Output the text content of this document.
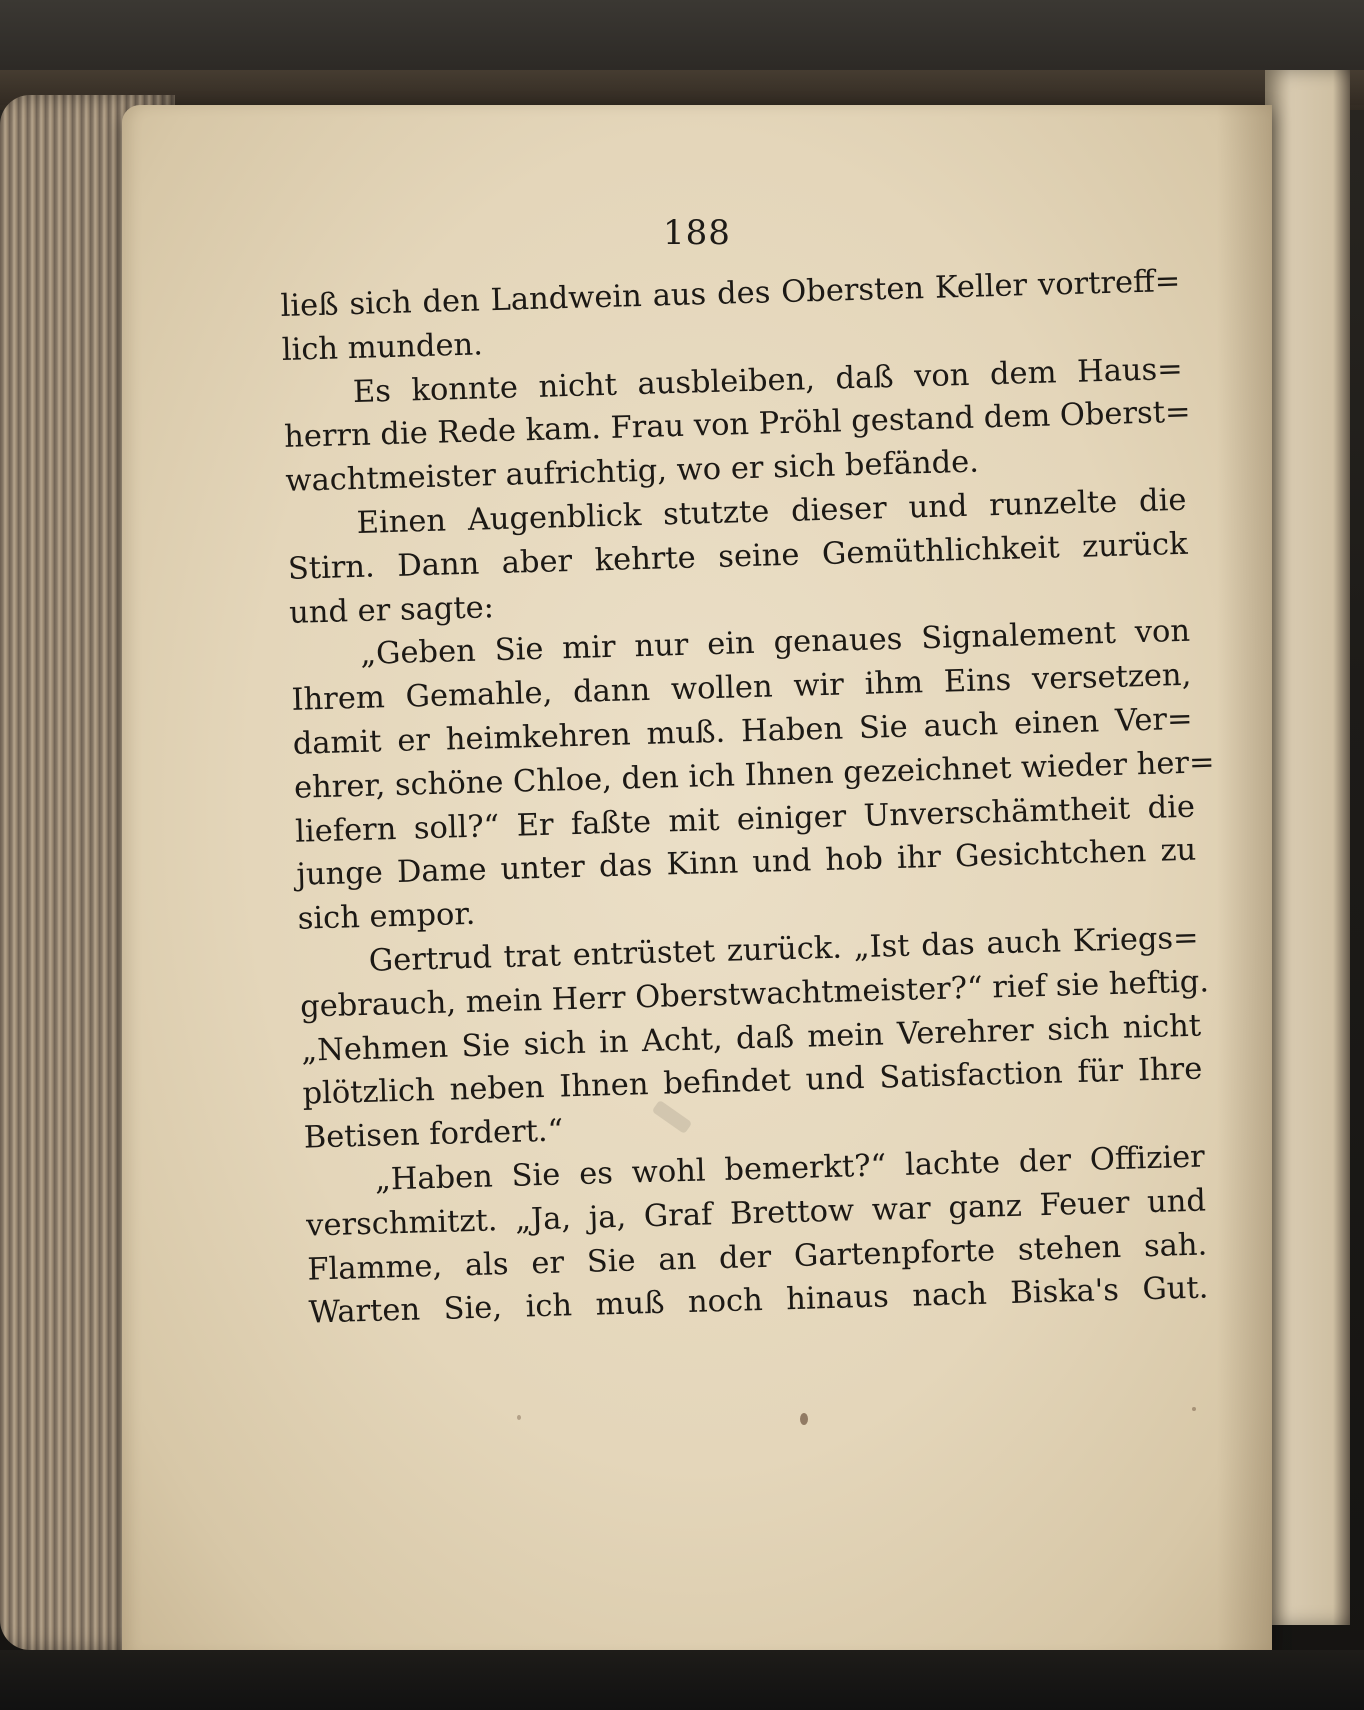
188
ließ sich den Landwein aus des Obersten Keller vortreff=
lich munden.
Es konnte nicht ausbleiben, daß von dem Haus=
herrn die Rede kam. Frau von Pröhl gestand dem Oberst=
wachtmeister aufrichtig, wo er sich befände.
Einen Augenblick stutzte dieser und runzelte die
Stirn. Dann aber kehrte seine Gemüthlichkeit zurück
und er sagte:
„Geben Sie mir nur ein genaues Signalement von
Ihrem Gemahle, dann wollen wir ihm Eins versetzen,
damit er heimkehren muß. Haben Sie auch einen Ver=
ehrer, schöne Chloe, den ich Ihnen gezeichnet wieder her=
liefern soll?“ Er faßte mit einiger Unverschämtheit die
junge Dame unter das Kinn und hob ihr Gesichtchen zu
sich empor.
Gertrud trat entrüstet zurück. „Ist das auch Kriegs=
gebrauch, mein Herr Oberstwachtmeister?“ rief sie heftig.
„Nehmen Sie sich in Acht, daß mein Verehrer sich nicht
plötzlich neben Ihnen befindet und Satisfaction für Ihre
Betisen fordert.“
„Haben Sie es wohl bemerkt?“ lachte der Offizier
verschmitzt. „Ja, ja, Graf Brettow war ganz Feuer und
Flamme, als er Sie an der Gartenpforte stehen sah.
Warten Sie, ich muß noch hinaus nach Biska's Gut.
